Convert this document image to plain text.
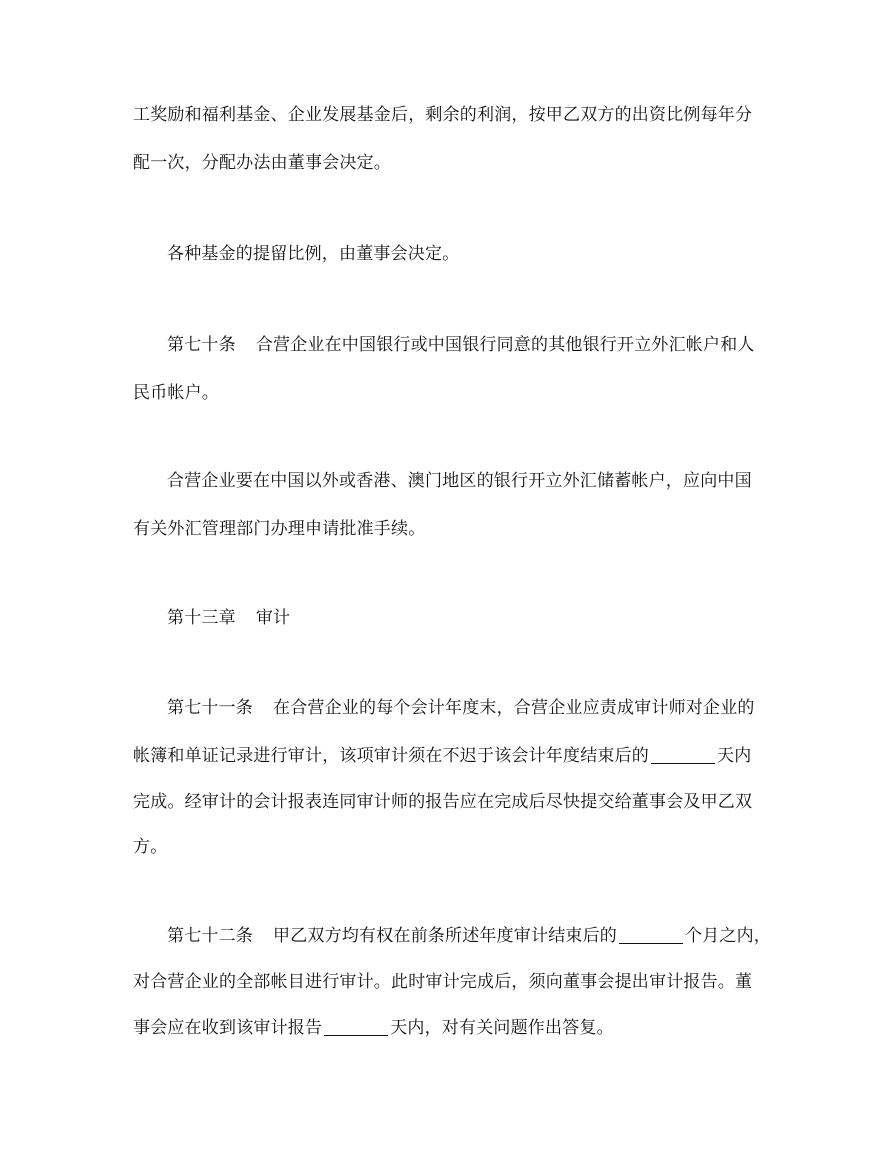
工奖励和福利基金、企业发展基金后，剩余的利润，按甲乙双方的出资比例每年分
配一次，分配办法由董事会决定。
各种基金的提留比例，由董事会决定。
第七十条 合营企业在中国银行或中国银行同意的其他银行开立外汇帐户和人
民币帐户。
合营企业要在中国以外或香港、澳门地区的银行开立外汇储蓄帐户，应向中国
有关外汇管理部门办理申请批准手续。
第十三章 审计
第七十一条 在合营企业的每个会计年度末，合营企业应责成审计师对企业的
帐簿和单证记录进行审计，该项审计须在不迟于该会计年度结束后的	天内
完成。经审计的会计报表连同审计师的报告应在完成后尽快提交给董事会及甲乙双
方。
第七十二条 甲乙双方均有权在前条所述年度审计结束后的	个月之内，
对合营企业的全部帐目进行审计。此时审计完成后，须向董事会提出审计报告。董
事会应在收到该审计报告	天内，对有关问题作出答复。
